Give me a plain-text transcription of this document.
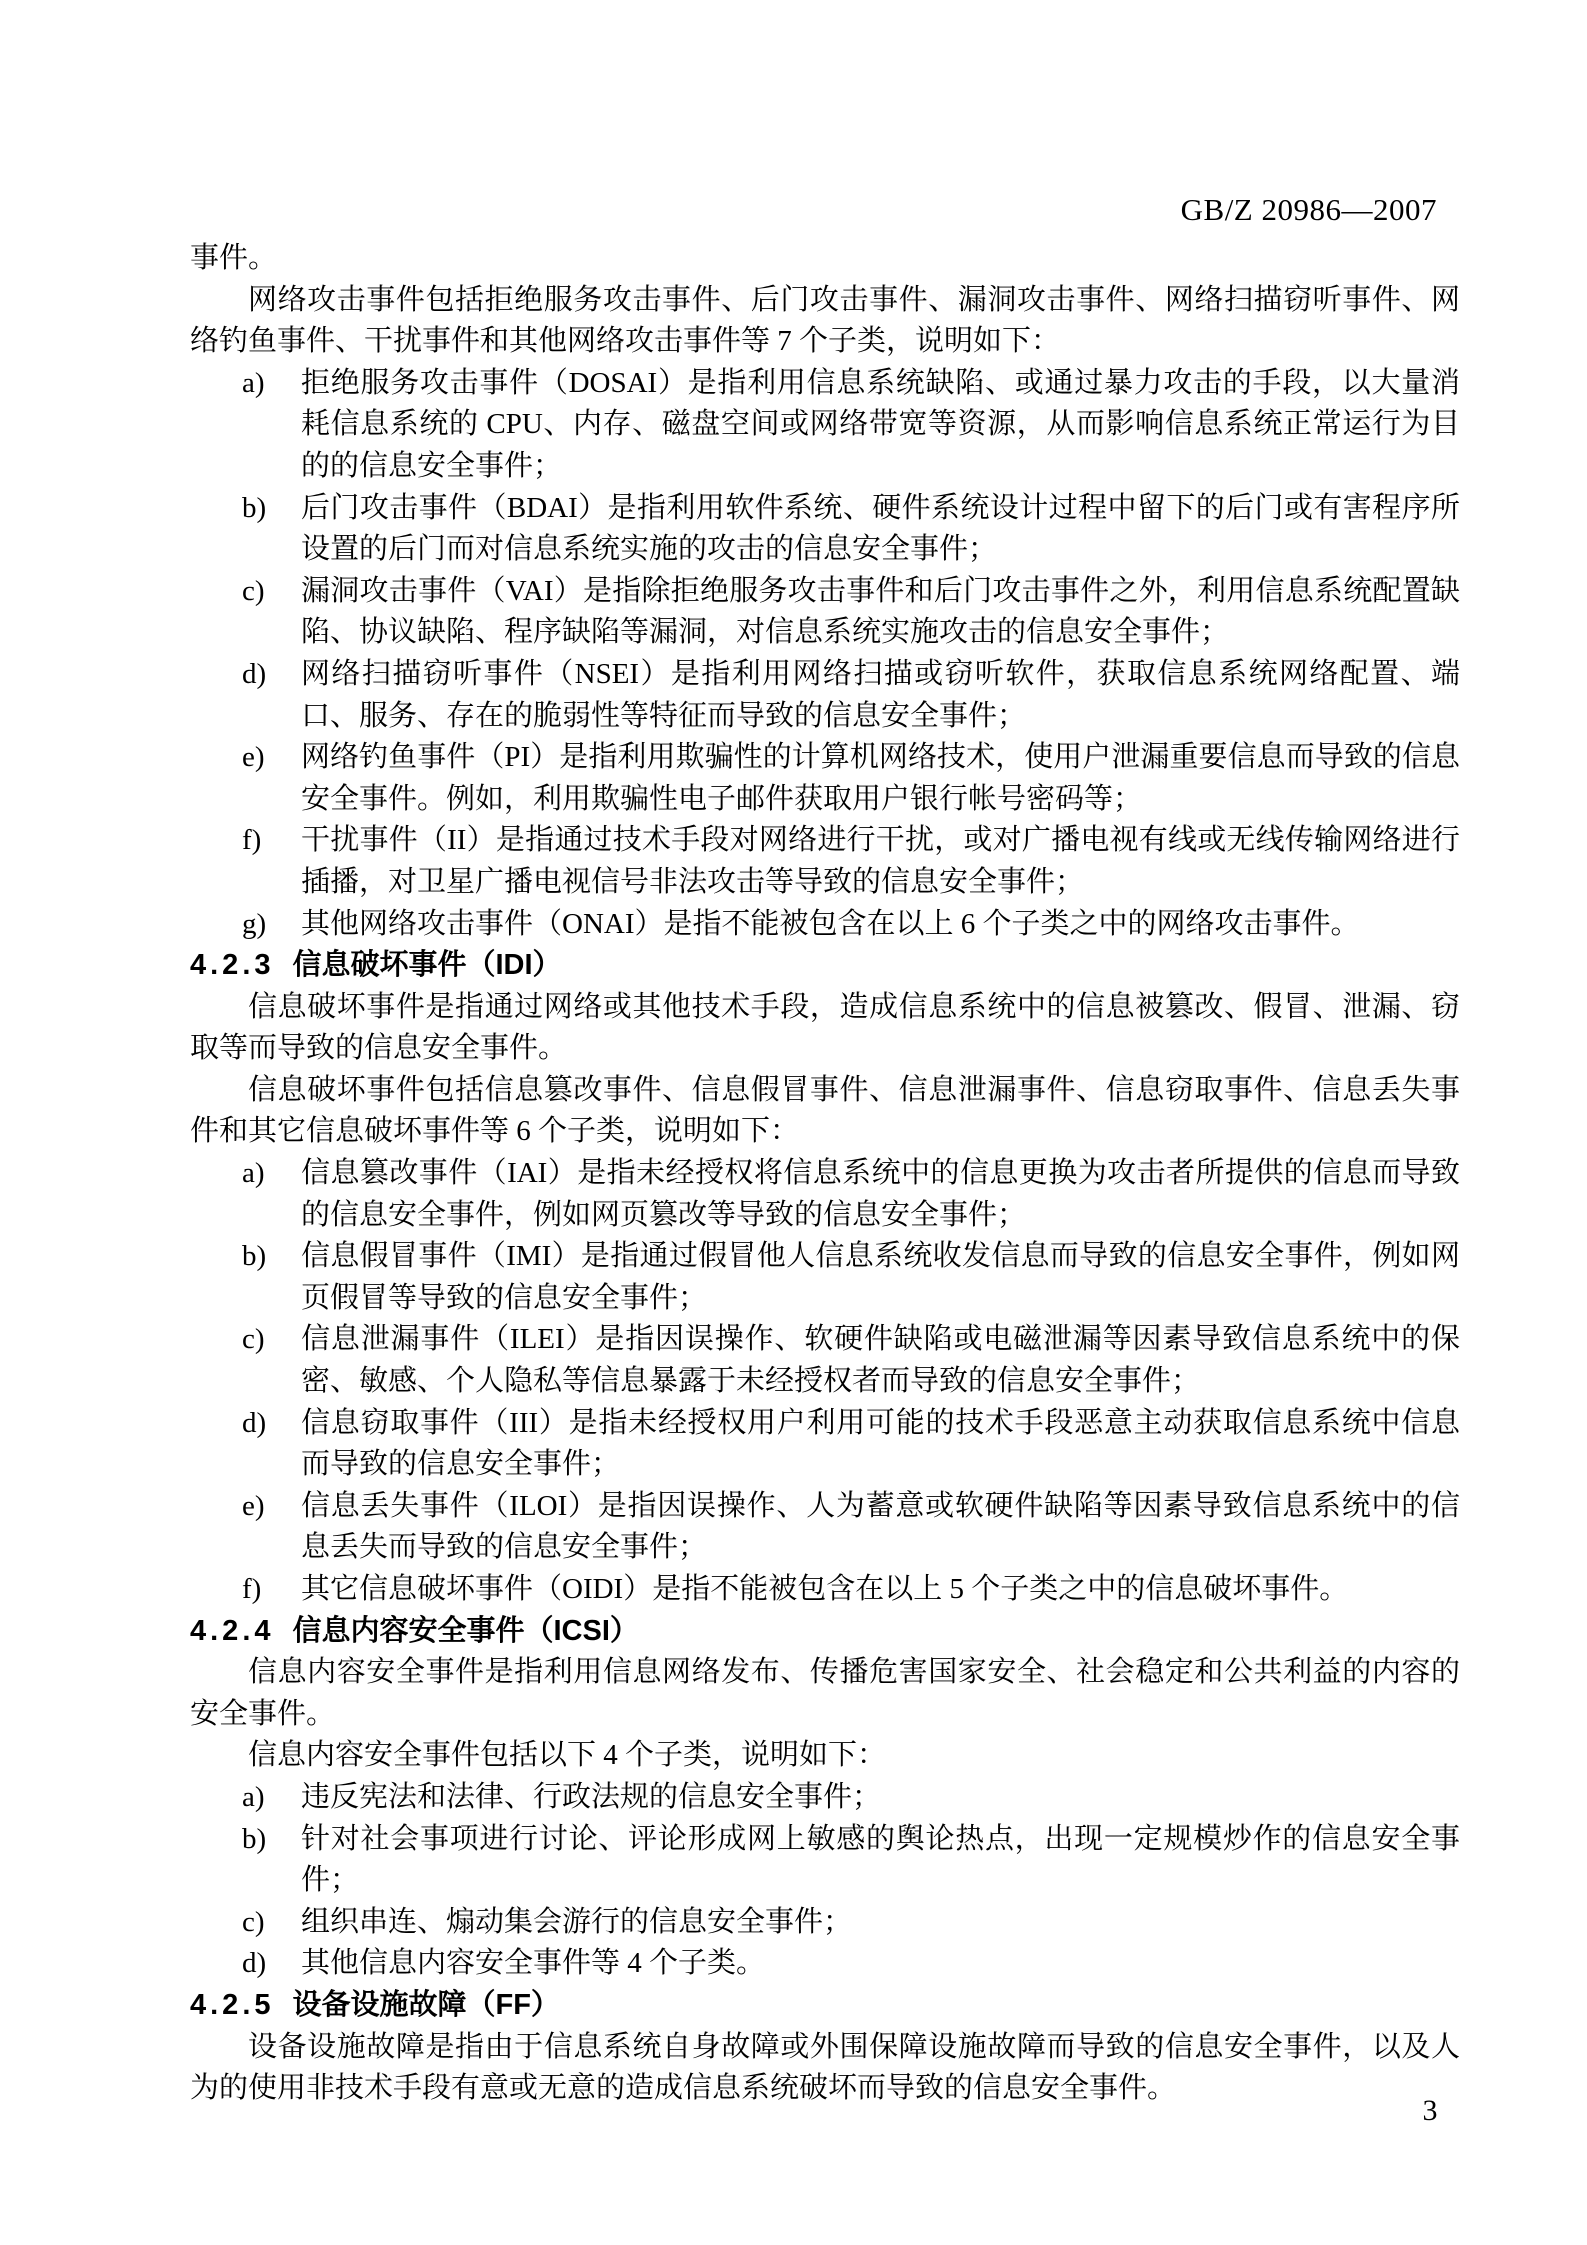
GB/Z 20986—2007
事件。
网络攻击事件包括拒绝服务攻击事件、后门攻击事件、漏洞攻击事件、网络扫描窃听事件、网络钓鱼事件、干扰事件和其他网络攻击事件等 7 个子类，说明如下：
a) 拒绝服务攻击事件（DOSAI）是指利用信息系统缺陷、或通过暴力攻击的手段，以大量消耗信息系统的 CPU、内存、磁盘空间或网络带宽等资源，从而影响信息系统正常运行为目的的信息安全事件；
b) 后门攻击事件（BDAI）是指利用软件系统、硬件系统设计过程中留下的后门或有害程序所设置的后门而对信息系统实施的攻击的信息安全事件；
c) 漏洞攻击事件（VAI）是指除拒绝服务攻击事件和后门攻击事件之外，利用信息系统配置缺陷、协议缺陷、程序缺陷等漏洞，对信息系统实施攻击的信息安全事件；
d) 网络扫描窃听事件（NSEI）是指利用网络扫描或窃听软件，获取信息系统网络配置、端口、服务、存在的脆弱性等特征而导致的信息安全事件；
e) 网络钓鱼事件（PI）是指利用欺骗性的计算机网络技术，使用户泄漏重要信息而导致的信息安全事件。例如，利用欺骗性电子邮件获取用户银行帐号密码等；
f) 干扰事件（II）是指通过技术手段对网络进行干扰，或对广播电视有线或无线传输网络进行插播，对卫星广播电视信号非法攻击等导致的信息安全事件；
g) 其他网络攻击事件（ONAI）是指不能被包含在以上 6 个子类之中的网络攻击事件。
4.2.3 信息破坏事件（IDI）
信息破坏事件是指通过网络或其他技术手段，造成信息系统中的信息被篡改、假冒、泄漏、窃取等而导致的信息安全事件。
信息破坏事件包括信息篡改事件、信息假冒事件、信息泄漏事件、信息窃取事件、信息丢失事件和其它信息破坏事件等 6 个子类，说明如下：
a) 信息篡改事件（IAI）是指未经授权将信息系统中的信息更换为攻击者所提供的信息而导致的信息安全事件，例如网页篡改等导致的信息安全事件；
b) 信息假冒事件（IMI）是指通过假冒他人信息系统收发信息而导致的信息安全事件，例如网页假冒等导致的信息安全事件；
c) 信息泄漏事件（ILEI）是指因误操作、软硬件缺陷或电磁泄漏等因素导致信息系统中的保密、敏感、个人隐私等信息暴露于未经授权者而导致的信息安全事件；
d) 信息窃取事件（III）是指未经授权用户利用可能的技术手段恶意主动获取信息系统中信息而导致的信息安全事件；
e) 信息丢失事件（ILOI）是指因误操作、人为蓄意或软硬件缺陷等因素导致信息系统中的信息丢失而导致的信息安全事件；
f) 其它信息破坏事件（OIDI）是指不能被包含在以上 5 个子类之中的信息破坏事件。
4.2.4 信息内容安全事件（ICSI）
信息内容安全事件是指利用信息网络发布、传播危害国家安全、社会稳定和公共利益的内容的安全事件。
信息内容安全事件包括以下 4 个子类，说明如下：
a) 违反宪法和法律、行政法规的信息安全事件；
b) 针对社会事项进行讨论、评论形成网上敏感的舆论热点，出现一定规模炒作的信息安全事件；
c) 组织串连、煽动集会游行的信息安全事件；
d) 其他信息内容安全事件等 4 个子类。
4.2.5 设备设施故障（FF）
设备设施故障是指由于信息系统自身故障或外围保障设施故障而导致的信息安全事件，以及人为的使用非技术手段有意或无意的造成信息系统破坏而导致的信息安全事件。
3
